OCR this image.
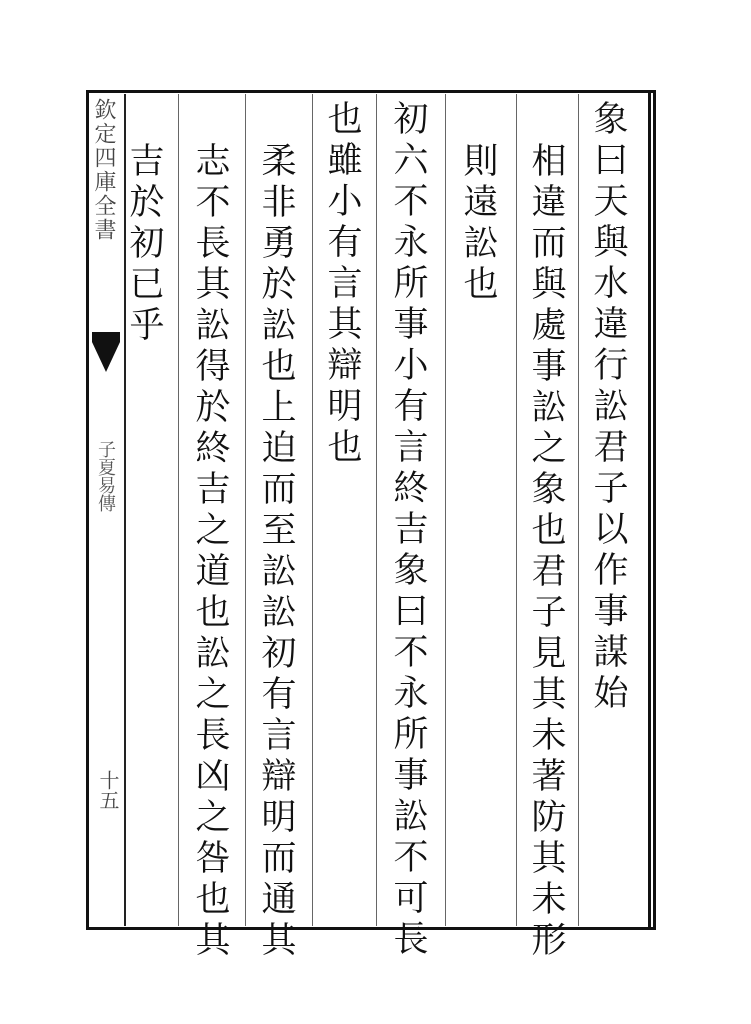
欽定四庫全書
子夏易傳
十五
象曰天與水違行訟君子以作事謀始
相違而與處事訟之象也君子見其未著防其未形
則遠訟也
初六不永所事小有言終吉象曰不永所事訟不可長
也雖小有言其辯明也
柔非勇於訟也上迫而至訟訟初有言辯明而通其
志不長其訟得於終吉之道也訟之長凶之咎也其
吉於初已乎
